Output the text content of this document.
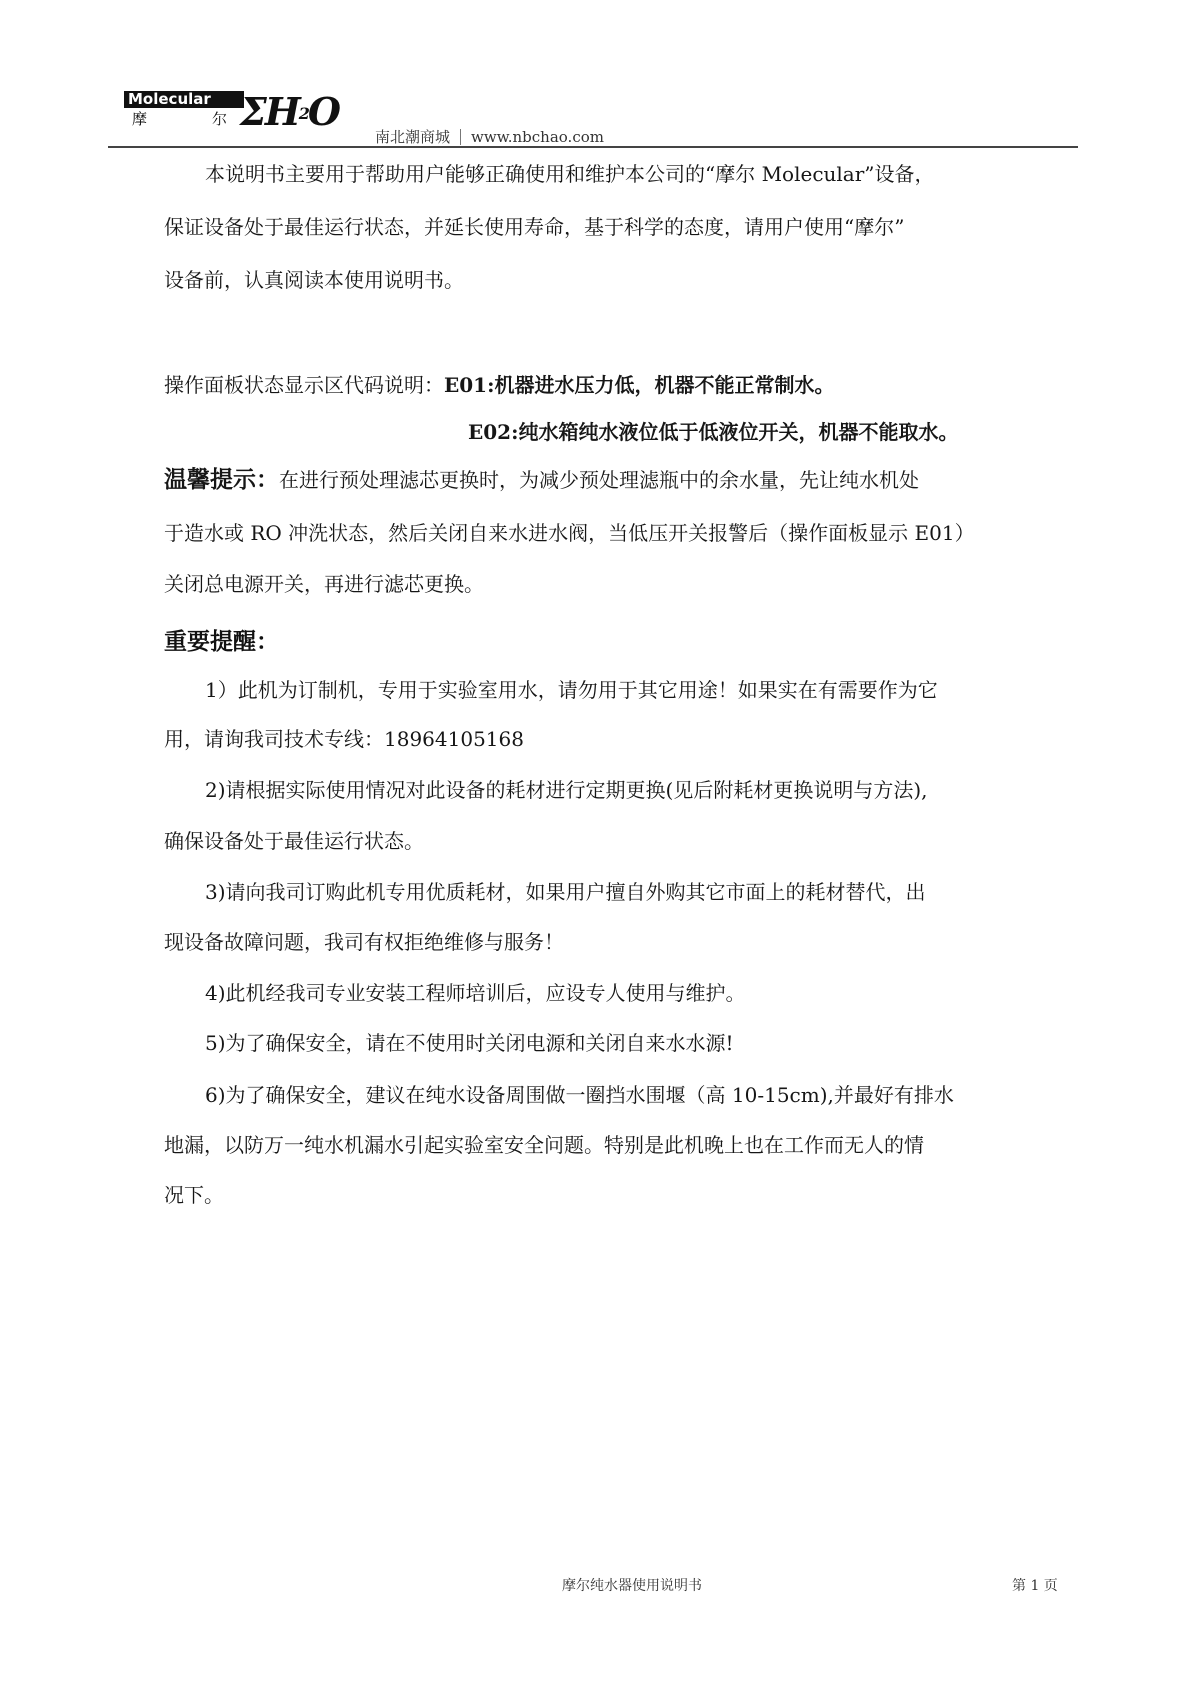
Molecular
摩	尔 $\Sigma H_2O$
南北潮商城 www.nbchao.com
本说明书主要用于帮助用户能够正确使用和维护本公司的“摩尔 Molecular”设备，
保证设备处于最佳运行状态，并延长使用寿命，基于科学的态度，请用户使用“摩尔”
设备前，认真阅读本使用说明书。
操作面板状态显示区代码说明：E01:机器进水压力低，机器不能正常制水。
E02:纯水箱纯水液位低于低液位开关，机器不能取水。
温馨提示：在进行预处理滤芯更换时，为减少预处理滤瓶中的余水量，先让纯水机处
于造水或 RO 冲洗状态，然后关闭自来水进水阀，当低压开关报警后（操作面板显示 E01）
关闭总电源开关，再进行滤芯更换。
重要提醒：
1）此机为订制机，专用于实验室用水，请勿用于其它用途！如果实在有需要作为它
用，请询我司技术专线：18964105168
2)请根据实际使用情况对此设备的耗材进行定期更换(见后附耗材更换说明与方法),
确保设备处于最佳运行状态。
3)请向我司订购此机专用优质耗材，如果用户擅自外购其它市面上的耗材替代，出
现设备故障问题，我司有权拒绝维修与服务！
4)此机经我司专业安装工程师培训后，应设专人使用与维护。
5)为了确保安全，请在不使用时关闭电源和关闭自来水水源!
6)为了确保安全，建议在纯水设备周围做一圈挡水围堰（高 10-15cm),并最好有排水
地漏，以防万一纯水机漏水引起实验室安全问题。特别是此机晚上也在工作而无人的情
况下。
摩尔纯水器使用说明书	第 1 页
